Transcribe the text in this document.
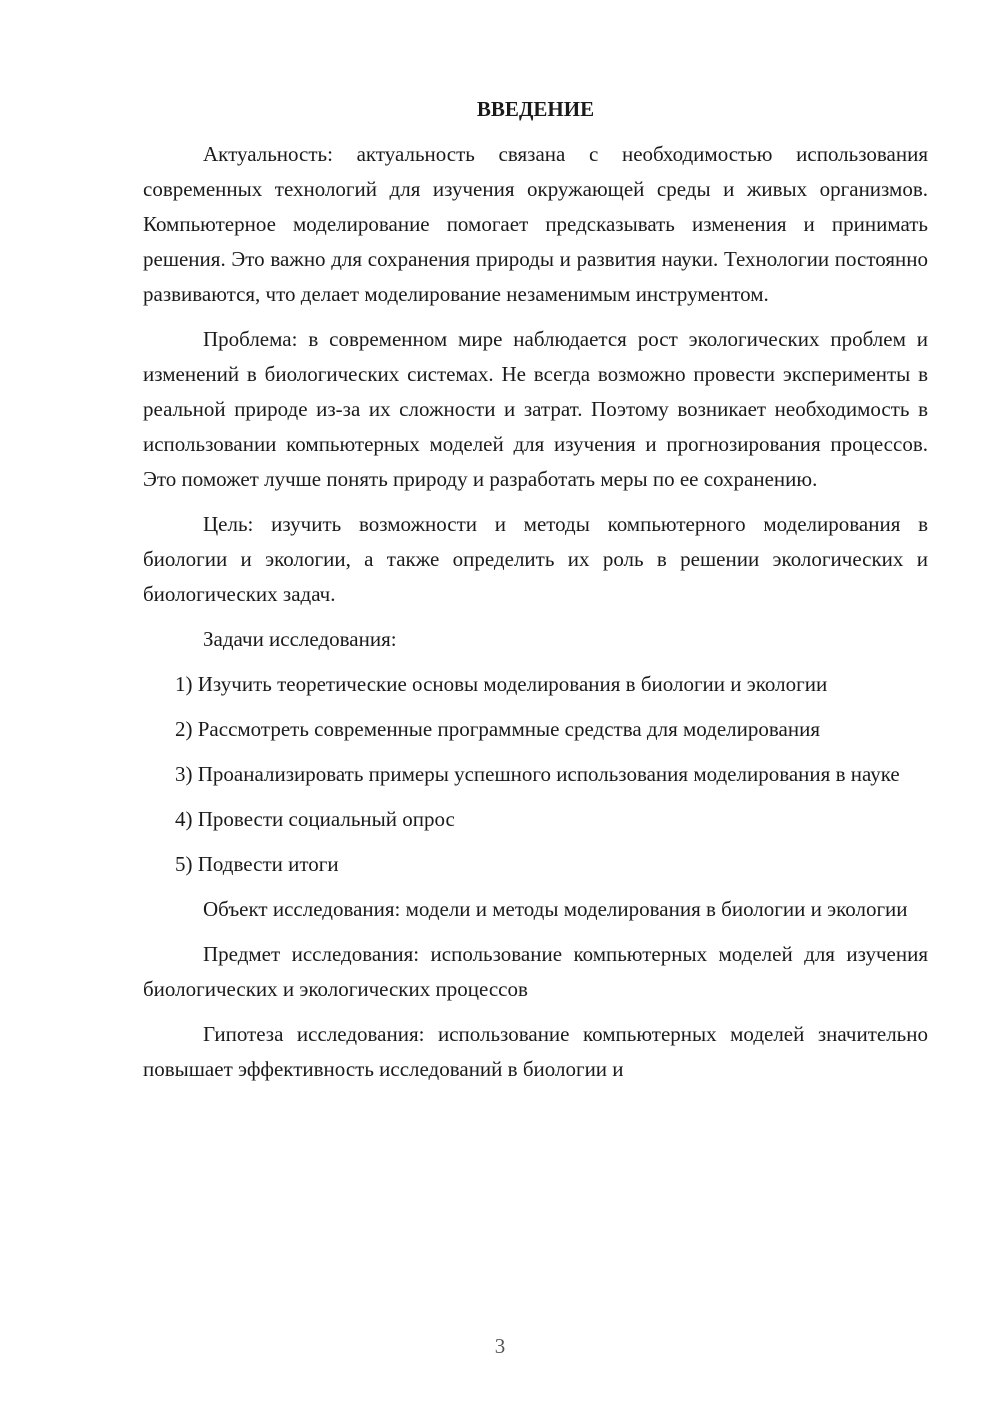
ВВЕДЕНИЕ

Актуальность: актуальность связана с необходимостью использования современных технологий для изучения окружающей среды и живых организмов. Компьютерное моделирование помогает предсказывать изменения и принимать решения. Это важно для сохранения природы и развития науки. Технологии постоянно развиваются, что делает моделирование незаменимым инструментом.

Проблема: в современном мире наблюдается рост экологических проблем и изменений в биологических системах. Не всегда возможно провести эксперименты в реальной природе из-за их сложности и затрат. Поэтому возникает необходимость в использовании компьютерных моделей для изучения и прогнозирования процессов. Это поможет лучше понять природу и разработать меры по ее сохранению.

Цель: изучить возможности и методы компьютерного моделирования в биологии и экологии, а также определить их роль в решении экологических и биологических задач.

Задачи исследования:

1) Изучить теоретические основы моделирования в биологии и экологии

2) Рассмотреть современные программные средства для моделирования

3) Проанализировать примеры успешного использования моделирования в науке

4) Провести социальный опрос

5) Подвести итоги

Объект исследования: модели и методы моделирования в биологии и экологии

Предмет исследования: использование компьютерных моделей для изучения биологических и экологических процессов

Гипотеза исследования: использование компьютерных моделей значительно повышает эффективность исследований в биологии и

3
